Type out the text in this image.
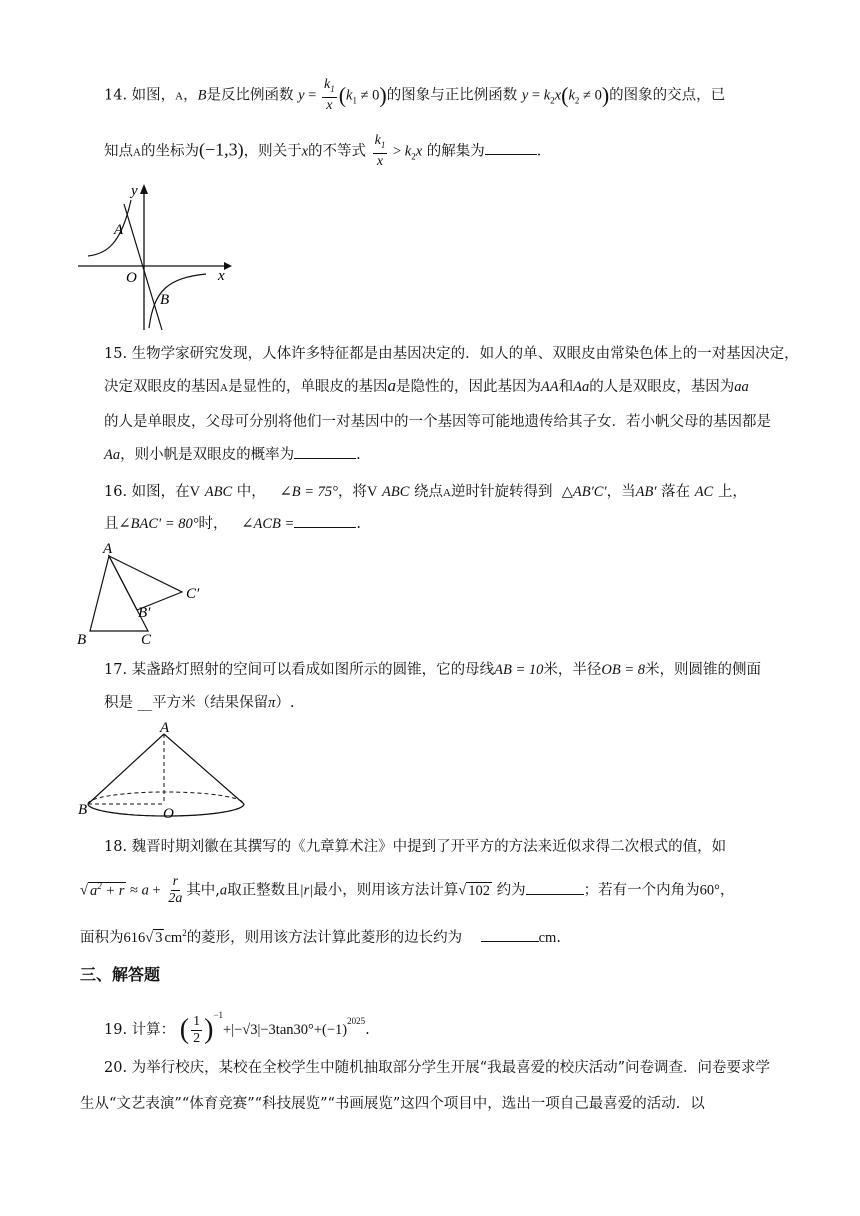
14. 如图，A，B是反比例函数 $y = \frac{k_1}{x} (k_1 \ne 0)$的图象与正比例函数 $y = k_2x(k_2 \ne 0)$的图象的交点，已
知点A的坐标为(−1,3)，则关于x的不等式 $\frac{k_1}{x} > k_2x$ 的解集为	.
y
A
O	x
B
15. 生物学家研究发现，人体许多特征都是由基因决定的．如人的单、双眼皮由常染色体上的一对基因决定，
决定双眼皮的基因A是显性的，单眼皮的基因a是隐性的，因此基因为AA和Aa的人是双眼皮，基因为aa
的人是单眼皮，父母可分别将他们一对基因中的一个基因等可能地遗传给其子女．若小帆父母的基因都是
Aa，则小帆是双眼皮的概率为	.
16. 如图，在V ABC 中， ∠B = 75°，将V ABC 绕点A逆时针旋转得到 △AB′C′，当AB′ 落在 AC 上，
且∠BAC′ = 80°时， ∠ACB =	.
A
B	C
B′
C′
17. 某盏路灯照射的空间可以看成如图所示的圆锥，它的母线AB = 10米，半径OB = 8米，则圆锥的侧面
积是 __平方米（结果保留π）.
A
B	O
18. 魏晋时期刘徽在其撰写的《九章算术注》中提到了开平方的方法来近似求得二次根式的值，如
√ $a^2 + r \approx a + \frac{r}{2a}$ 其中,a取正整数且|r|最小，则用该方法计算√ 102 约为	；若有一个内角为60°，
面积为616√ 3 $cm^2$的菱形，则用该方法计算此菱形的边长约为	cm.
三、解答题
19. 计算： ( $\frac{1}{2} )^{-1}+|-√3|-3\tan 30^\circ+(-1)^{2025}$.
20. 为举行校庆，某校在全校学生中随机抽取部分学生开展“我最喜爱的校庆活动”问卷调查．问卷要求学
生从“文艺表演”“体育竞赛”“科技展览”“书画展览”这四个项目中，选出一项自己最喜爱的活动．以
